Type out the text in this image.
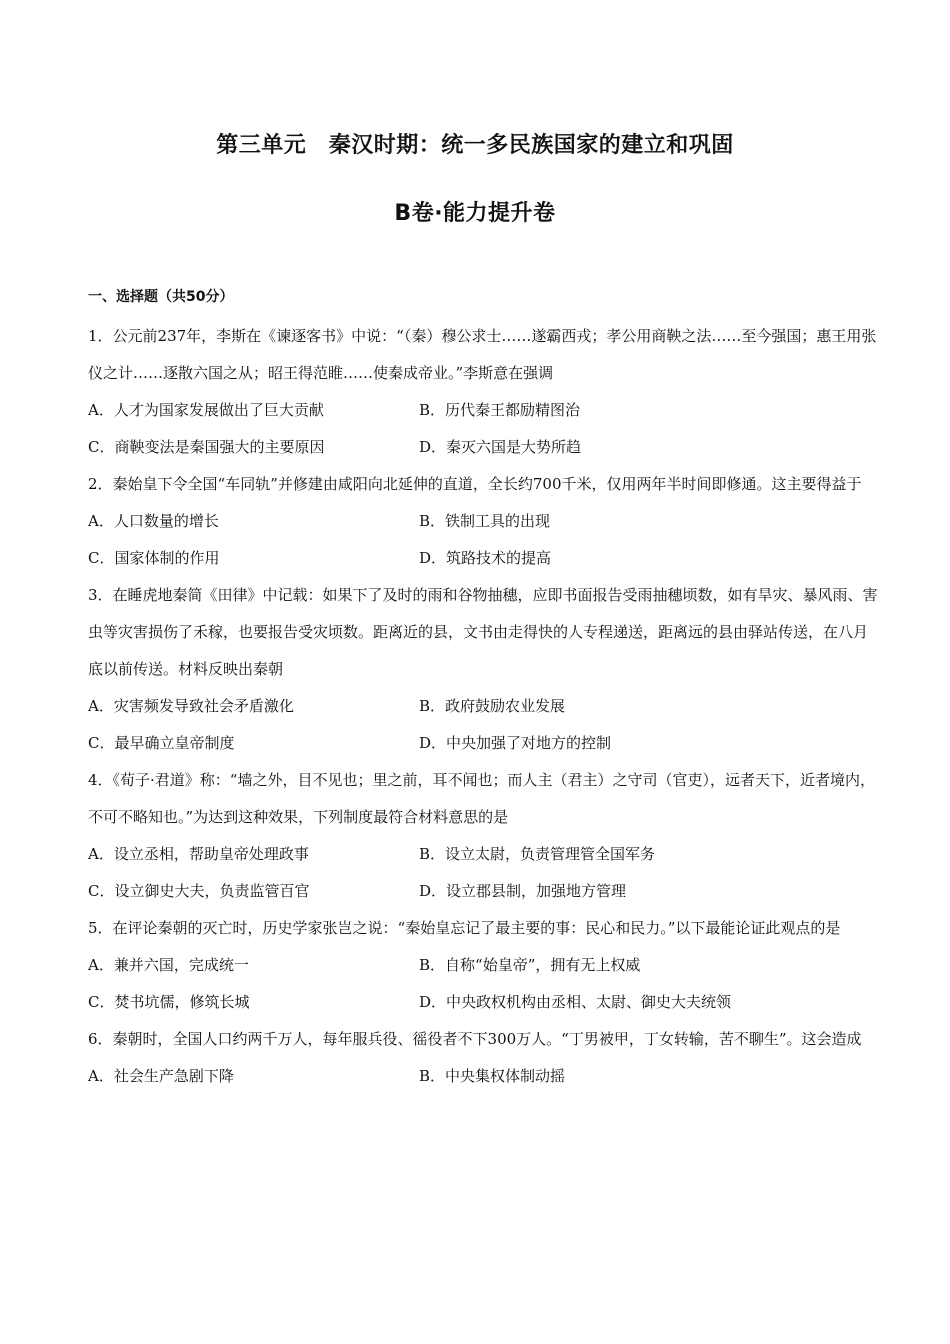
第三单元　秦汉时期：统一多民族国家的建立和巩固
B卷·能力提升卷
一、选择题（共50分）

1．公元前237年，李斯在《谏逐客书》中说：“（秦）穆公求士……遂霸西戎；孝公用商鞅之法……至今强国；惠王用张仪之计……逐散六国之从；昭王得范睢……使秦成帝业。”李斯意在强调

A．人才为国家发展做出了巨大贡献	B．历代秦王都励精图治
C．商鞅变法是秦国强大的主要原因	D．秦灭六国是大势所趋

2．秦始皇下令全国“车同轨”并修建由咸阳向北延伸的直道，全长约700千米，仅用两年半时间即修通。这主要得益于

A．人口数量的增长	B．铁制工具的出现
C．国家体制的作用	D．筑路技术的提高

3．在睡虎地秦简《田律》中记载：如果下了及时的雨和谷物抽穗，应即书面报告受雨抽穗顷数，如有旱灾、暴风雨、害虫等灾害损伤了禾稼，也要报告受灾顷数。距离近的县，文书由走得快的人专程递送，距离远的县由驿站传送，在八月底以前传送。材料反映出秦朝

A．灾害频发导致社会矛盾激化	B．政府鼓励农业发展
C．最早确立皇帝制度	D．中央加强了对地方的控制

4．《荀子·君道》称：“墙之外，目不见也；里之前，耳不闻也；而人主（君主）之守司（官吏），远者天下，近者境内，不可不略知也。”为达到这种效果，下列制度最符合材料意思的是

A．设立丞相，帮助皇帝处理政事	B．设立太尉，负责管理管全国军务
C．设立御史大夫，负责监管百官	D．设立郡县制，加强地方管理

5．在评论秦朝的灭亡时，历史学家张岂之说：“秦始皇忘记了最主要的事：民心和民力。”以下最能论证此观点的是

A．兼并六国，完成统一	B．自称“始皇帝”，拥有无上权威
C．焚书坑儒，修筑长城	D．中央政权机构由丞相、太尉、御史大夫统领

6．秦朝时，全国人口约两千万人，每年服兵役、徭役者不下300万人。“丁男被甲，丁女转输，苦不聊生”。这会造成

A．社会生产急剧下降	B．中央集权体制动摇
